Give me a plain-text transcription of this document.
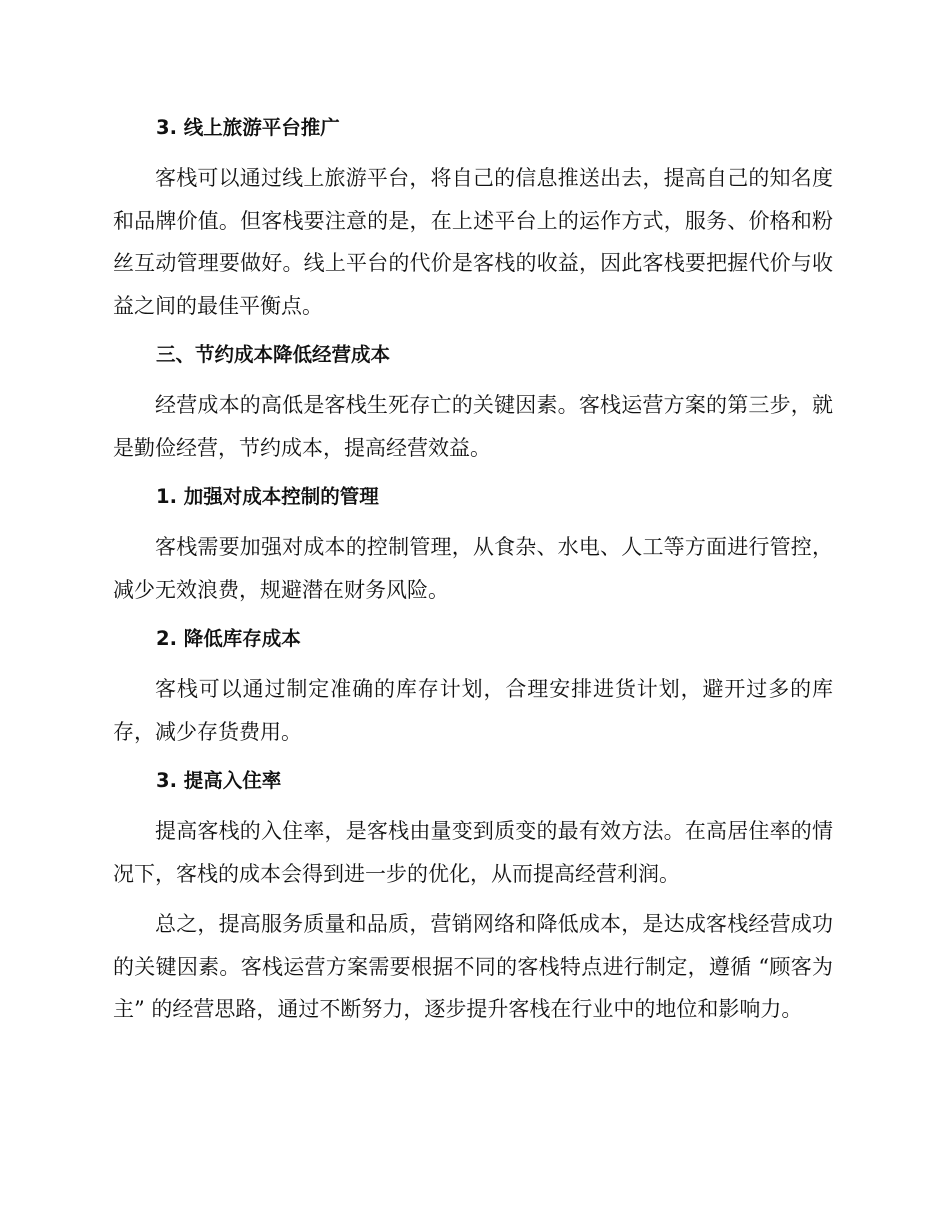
3. 线上旅游平台推广

客栈可以通过线上旅游平台，将自己的信息推送出去，提高自己的知名度和品牌价值。但客栈要注意的是，在上述平台上的运作方式，服务、价格和粉丝互动管理要做好。线上平台的代价是客栈的收益，因此客栈要把握代价与收益之间的最佳平衡点。

三、节约成本降低经营成本

经营成本的高低是客栈生死存亡的关键因素。客栈运营方案的第三步，就是勤俭经营，节约成本，提高经营效益。

1. 加强对成本控制的管理

客栈需要加强对成本的控制管理，从食杂、水电、人工等方面进行管控，减少无效浪费，规避潜在财务风险。

2. 降低库存成本

客栈可以通过制定准确的库存计划，合理安排进货计划，避开过多的库存，减少存货费用。

3. 提高入住率

提高客栈的入住率，是客栈由量变到质变的最有效方法。在高居住率的情况下，客栈的成本会得到进一步的优化，从而提高经营利润。

总之，提高服务质量和品质，营销网络和降低成本，是达成客栈经营成功的关键因素。客栈运营方案需要根据不同的客栈特点进行制定，遵循 “顾客为主” 的经营思路，通过不断努力，逐步提升客栈在行业中的地位和影响力。
